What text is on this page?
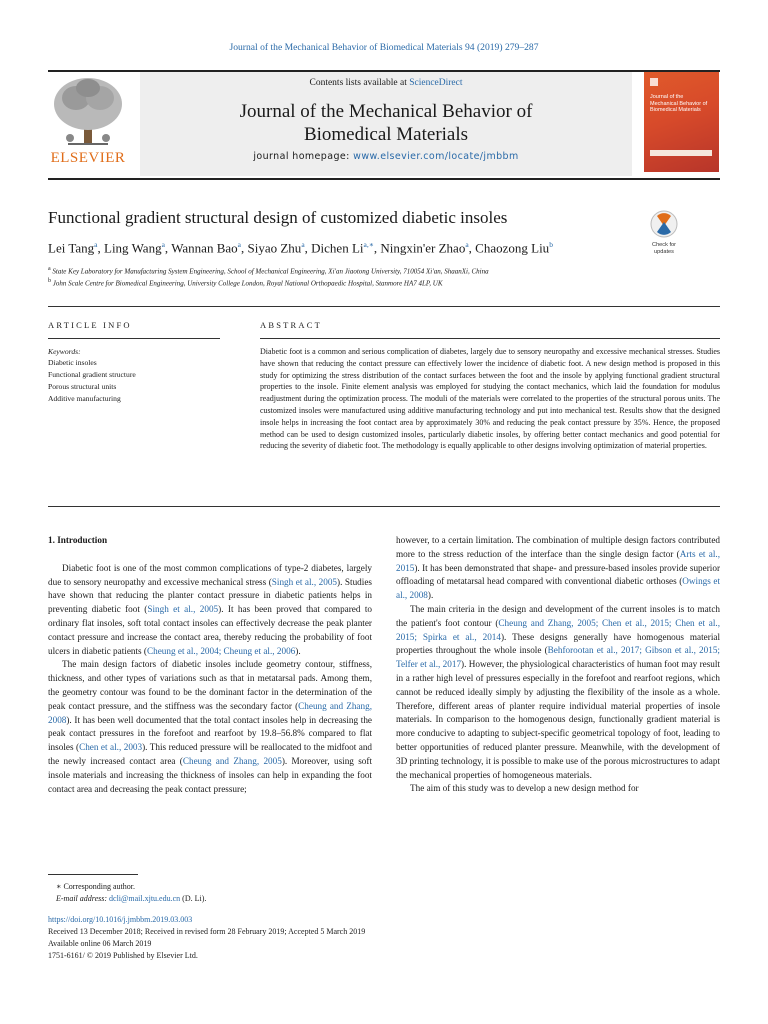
Journal of the Mechanical Behavior of Biomedical Materials 94 (2019) 279–287
ELSEVIER
Contents lists available at ScienceDirect
Journal of the Mechanical Behavior of
Biomedical Materials
journal homepage: www.elsevier.com/locate/jmbbm
Journal of the Mechanical Behavior of Biomedical Materials
Functional gradient structural design of customized diabetic insoles
Check for
updates
Lei Tang$^a$, Ling Wang$^a$, Wannan Bao$^a$, Siyao Zhu$^a$, Dichen $Li^{a,∗}$, Ningxin'er Zhao$^a$, Chaozong Liu$^b$
$^a$ State Key Laboratory for Manufacturing System Engineering, School of Mechanical Engineering, Xi'an Jiaotong University, 710054 Xi'an, ShaanXi, China
$^b$ John Scale Centre for Biomedical Engineering, University College London, Royal National Orthopaedic Hospital, Stanmore HA7 4LP, UK
ARTICLE INFO	ABSTRACT
Keywords:
Diabetic insoles
Functional gradient structure
Porous structural units
Additive manufacturing
Diabetic foot is a common and serious complication of diabetes, largely due to sensory neuropathy and excessive mechanical stresses. Studies have shown that reducing the contact pressure can effectively lower the incidence of diabetic foot. A new design method is proposed in this study for optimizing the stress distribution of the contact surfaces between the foot and the insole by applying functional gradient structural properties to the insole. Finite element analysis was employed for studying the contact mechanics, which laid the foundation for modulus readjustment during the optimization process. The moduli of the materials were correlated to the properties of the structural porous units. The customized insoles were manufactured using additive manufacturing technology and put into mechanical test. Results show that the designed insole helps in increasing the foot contact area by approximately 30% and reducing the peak contact pressure by 35%. Hence, the proposed method can be used to design customized insoles, particularly diabetic insoles, by offering better contact mechanics and good potential for reducing the severity of diabetic foot. The methodology is equally applicable to other designs involving optimization of material properties.
1. Introduction

Diabetic foot is one of the most common complications of type-2 diabetes, largely due to sensory neuropathy and excessive mechanical stress (Singh et al., 2005). Studies have shown that reducing the planter contact pressure in diabetic patients helps in preventing diabetic foot (Singh et al., 2005). It has been proved that compared to ordinary flat insoles, soft total contact insoles can effectively decrease the peak planter contact pressure and increase the contact area, thereby reducing the probability of foot ulcers in diabetic patients (Cheung et al., 2004; Cheung et al., 2006).

The main design factors of diabetic insoles include geometry contour, stiffness, thickness, and other types of variations such as that in metatarsal pads. Among them, the geometry contour was found to be the dominant factor in the determination of the peak contact pressure, and the stiffness was the secondary factor (Cheung and Zhang, 2008). It has been well documented that the total contact insoles help in decreasing the peak contact pressures in the forefoot and rearfoot by 19.8–56.8% compared to flat insoles (Chen et al., 2003). This reduced pressure will be reallocated to the midfoot and the newly increased contact area (Cheung and Zhang, 2005). Moreover, using soft insole materials and increasing the thickness of insoles can help in expanding the foot contact area and decreasing the peak contact pressure;

however, to a certain limitation. The combination of multiple design factors contributed more to the stress reduction of the interface than the single design factor (Arts et al., 2015). It has been demonstrated that shape- and pressure-based insoles provide superior offloading of metatarsal head compared with conventional diabetic orthoses (Owings et al., 2008).

The main criteria in the design and development of the current insoles is to match the patient's foot contour (Cheung and Zhang, 2005; Chen et al., 2015; Chen et al., 2015; Spirka et al., 2014). These designs generally have homogenous material properties throughout the whole insole (Behforootan et al., 2017; Gibson et al., 2015; Telfer et al., 2017). However, the physiological characteristics of human foot may result in a rather high level of pressures especially in the forefoot and rearfoot regions, which cannot be reduced ideally simply by adjusting the flexibility of the insole as a whole. Therefore, different areas of planter require individual material properties of insole materials. In comparison to the homogenous design, functionally gradient material is more conducive to adapting to subject-specific geometrical topology of foot, leading to better opportunities of reduced planter pressure. Meanwhile, with the development of 3D printing technology, it is possible to make use of the porous microstructures to adapt the mechanical properties of homogeneous materials.

The aim of this study was to develop a new design method for

∗ Corresponding author.
E-mail address: dcli@mail.xjtu.edu.cn (D. Li).
https://doi.org/10.1016/j.jmbbm.2019.03.003
Received 13 December 2018; Received in revised form 28 February 2019; Accepted 5 March 2019
Available online 06 March 2019
1751-6161/ © 2019 Published by Elsevier Ltd.
